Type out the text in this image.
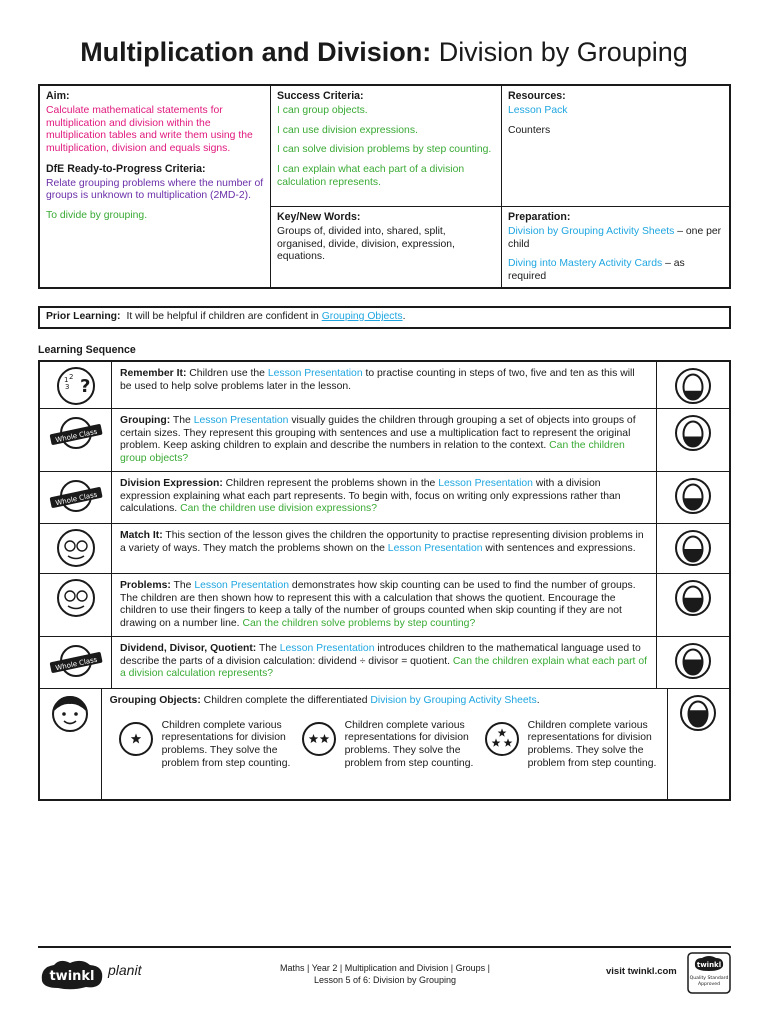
Multiplication and Division: Division by Grouping
Aim:
Calculate mathematical statements for multiplication and division within the multiplication tables and write them using the multiplication, division and equals signs.
DfE Ready-to-Progress Criteria:
Relate grouping problems where the number of groups is unknown to multiplication (2MD-2).
To divide by grouping.
Success Criteria:
I can group objects.
I can use division expressions.
I can solve division problems by step counting.
I can explain what each part of a division calculation represents.
Resources:
Lesson Pack
Counters
Key/New Words:
Groups of, divided into, shared, split, organised, divide, division, expression, equations.
Preparation:
Division by Grouping Activity Sheets – one per child
Diving into Mastery Activity Cards – as required
Prior Learning: It will be helpful if children are confident in Grouping Objects.
Learning Sequence
?
1 2
3
Remember It: Children use the Lesson Presentation to practise counting in steps of two, five and ten as this will be used to help solve problems later in the lesson.
Whole Class
Grouping: The Lesson Presentation visually guides the children through grouping a set of objects into groups of certain sizes. They represent this grouping with sentences and use a multiplication fact to represent the original problem. Keep asking children to explain and describe the numbers in relation to the context. Can the children group objects?
Whole Class
Division Expression: Children represent the problems shown in the Lesson Presentation with a division expression explaining what each part represents. To begin with, focus on writing only expressions rather than calculations. Can the children use division expressions?
Match It: This section of the lesson gives the children the opportunity to practise representing division problems in a variety of ways. They match the problems shown on the Lesson Presentation with sentences and expressions.
Problems: The Lesson Presentation demonstrates how skip counting can be used to find the number of groups. The children are then shown how to represent this with a calculation that shows the quotient. Encourage the children to use their fingers to keep a tally of the number of groups counted when skip counting if they are not drawing on a number line. Can the children solve problems by step counting?
Whole Class
Dividend, Divisor, Quotient: The Lesson Presentation introduces children to the mathematical language used to describe the parts of a division calculation: dividend ÷ divisor = quotient. Can the children explain what each part of a division calculation represents?
Grouping Objects: Children complete the differentiated Division by Grouping Activity Sheets.
Children complete various representations for division problems. They solve the problem from step counting.
Children complete various representations for division problems. They solve the problem from step counting.
Children complete various representations for division problems. They solve the problem from step counting.
twinkl planit	Maths | Year 2 | Multiplication and Division | Groups |
Lesson 5 of 6: Division by Grouping
visit twinkl.com
twinkl
Quality Standard
Approved
